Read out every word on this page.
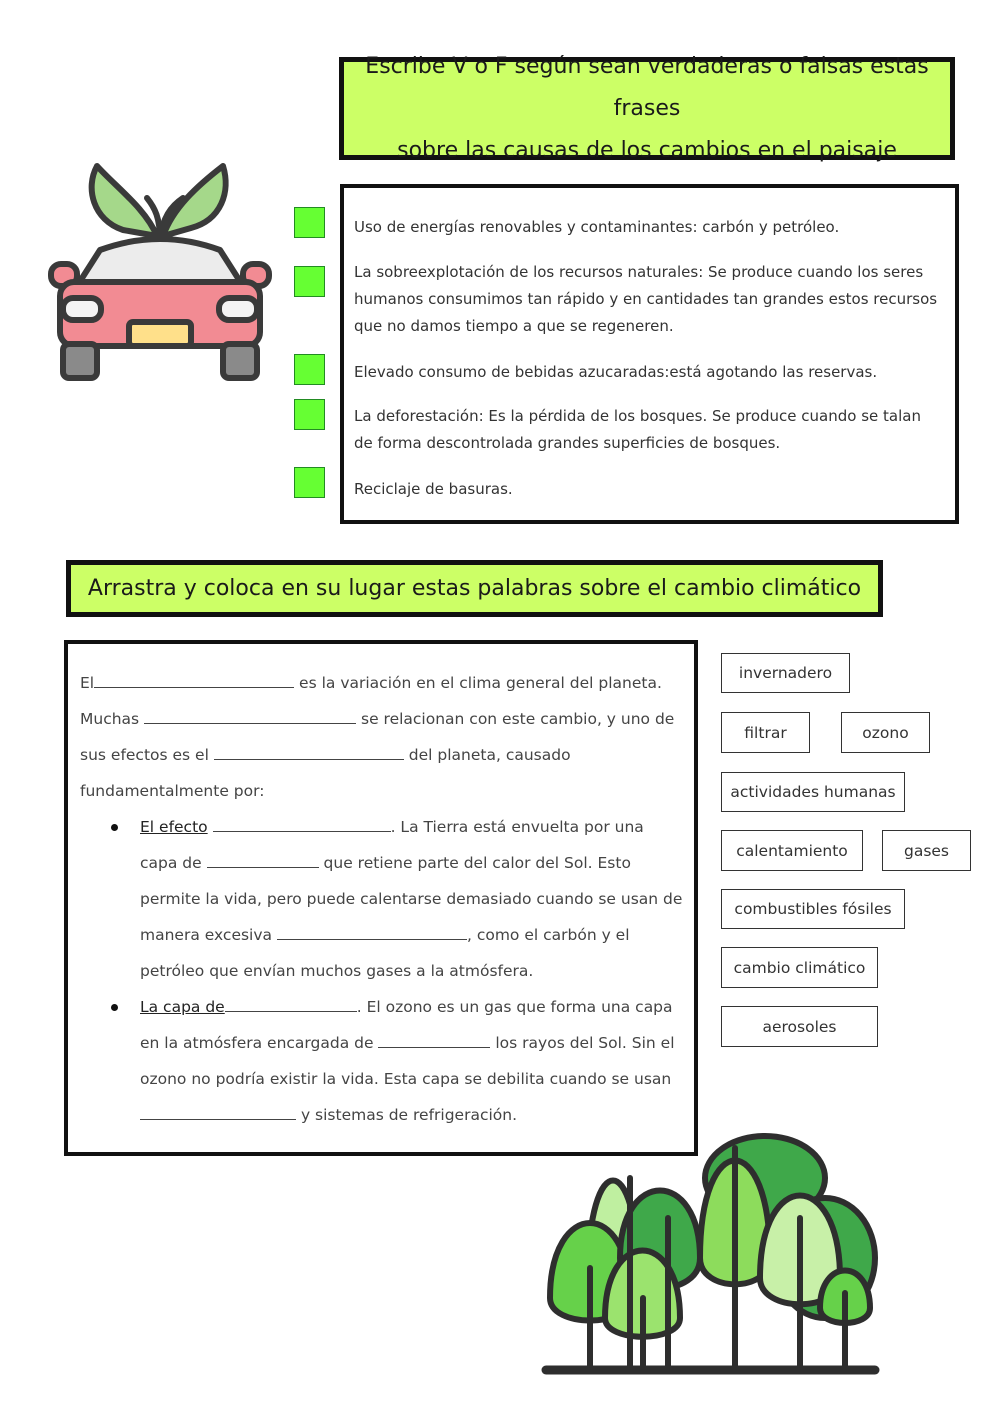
Escribe V o F según sean verdaderas o falsas estas frases
sobre las causas de los cambios en el paisaje
Uso de energías renovables y contaminantes: carbón y petróleo.
La sobreexplotación de los recursos naturales: Se produce cuando los seres
humanos consumimos tan rápido y en cantidades tan grandes estos recursos
que no damos tiempo a que se regeneren.
Elevado consumo de bebidas azucaradas:está agotando las reservas.
La deforestación: Es la pérdida de los bosques. Se produce cuando se talan
de forma descontrolada grandes superficies de bosques.
Reciclaje de basuras.
Arrastra y coloca en su lugar estas palabras sobre el cambio climático
El	es la variación en el clima general del planeta.
Muchas	se relacionan con este cambio, y uno de
sus efectos es el	del planeta, causado
fundamentalmente por:
El efecto	. La Tierra está envuelta por una
capa de	que retiene parte del calor del Sol. Esto
permite la vida, pero puede calentarse demasiado cuando se usan de
manera excesiva	, como el carbón y el
petróleo que envían muchos gases a la atmósfera.
La capa de	. El ozono es un gas que forma una capa
en la atmósfera encargada de	los rayos del Sol. Sin el
ozono no podría existir la vida. Esta capa se debilita cuando se usan
y sistemas de refrigeración.
invernadero
filtrar	ozono
actividades humanas
calentamiento	gases
combustibles fósiles
cambio climático
aerosoles
